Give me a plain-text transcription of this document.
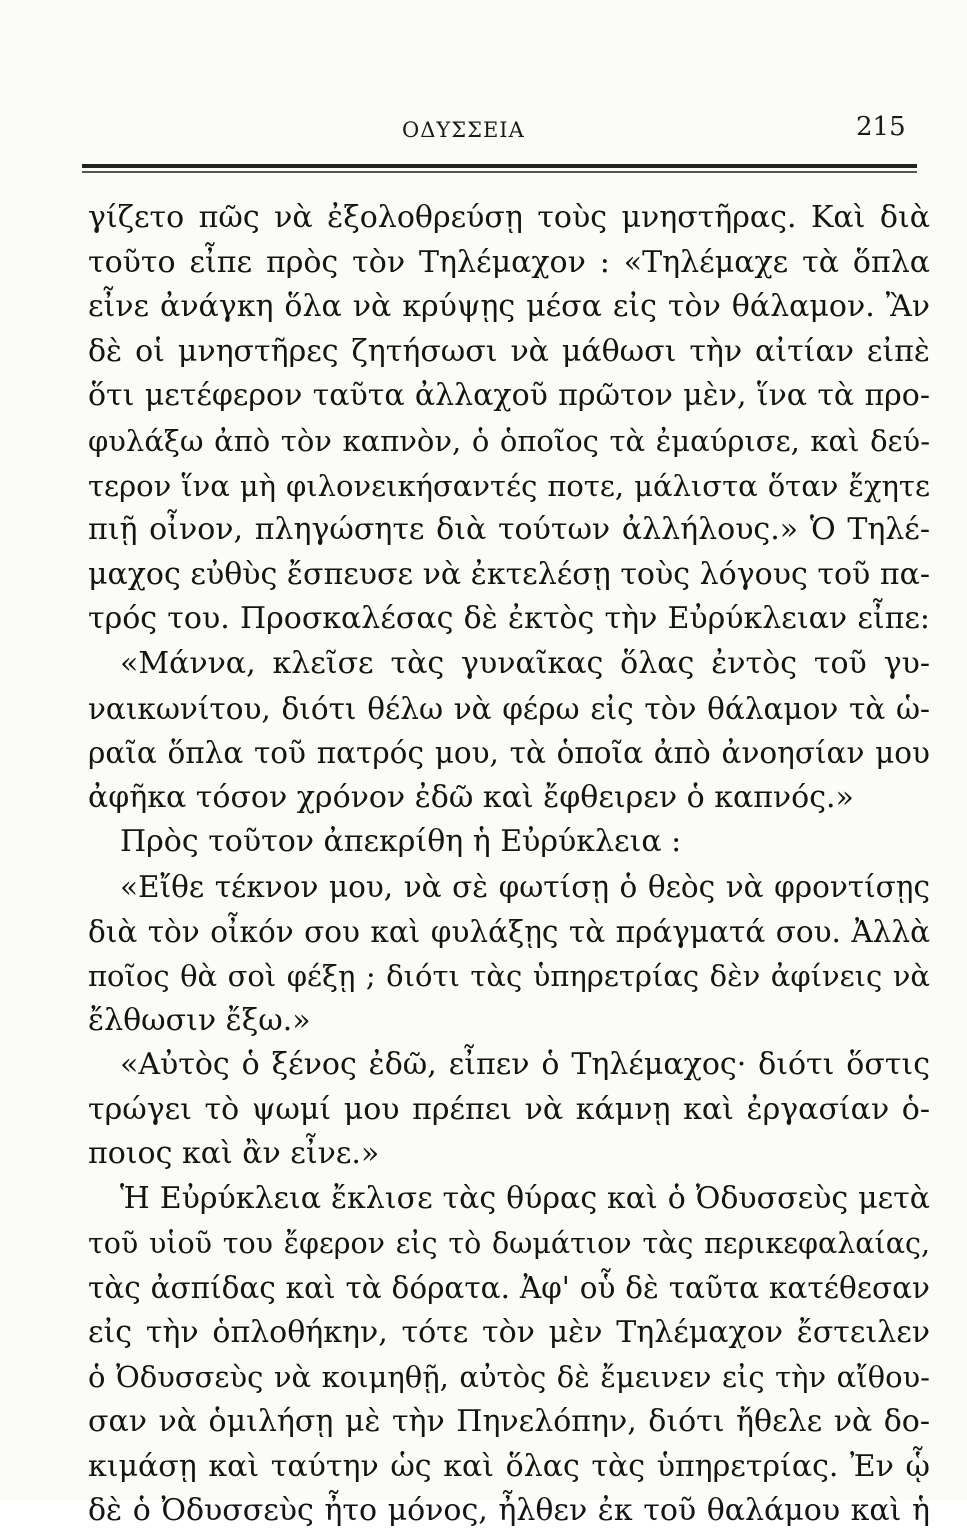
ΟΔΥΣΣΕΙΑ	215
γίζετο πῶς νὰ ἐξολοθρεύσῃ τοὺς μνηστῆρας. Καὶ διὰ
τοῦτο εἶπε πρὸς τὸν Τηλέμαχον : «Τηλέμαχε τὰ ὅπλα
εἶνε ἀνάγκη ὅλα νὰ κρύψῃς μέσα εἰς τὸν θάλαμον. Ἂν
δὲ οἱ μνηστῆρες ζητήσωσι νὰ μάθωσι τὴν αἰτίαν εἰπὲ
ὅτι μετέφερον ταῦτα ἀλλαχοῦ πρῶτον μὲν, ἵνα τὰ προ-
φυλάξω ἀπὸ τὸν καπνὸν, ὁ ὁποῖος τὰ ἐμαύρισε, καὶ δεύ-
τερον ἵνα μὴ φιλονεικήσαντές ποτε, μάλιστα ὅταν ἔχητε
πιῇ οἶνον, πληγώσητε διὰ τούτων ἀλλήλους.» Ὁ Τηλέ-
μαχος εὐθὺς ἔσπευσε νὰ ἐκτελέσῃ τοὺς λόγους τοῦ πα-
τρός του. Προσκαλέσας δὲ ἐκτὸς τὴν Εὐρύκλειαν εἶπε:
«Μάννα, κλεῖσε τὰς γυναῖκας ὅλας ἐντὸς τοῦ γυ-
ναικωνίτου, διότι θέλω νὰ φέρω εἰς τὸν θάλαμον τὰ ὡ-
ραῖα ὅπλα τοῦ πατρός μου, τὰ ὁποῖα ἀπὸ ἀνοησίαν μου
ἀφῆκα τόσον χρόνον ἐδῶ καὶ ἔφθειρεν ὁ καπνός.»
Πρὸς τοῦτον ἀπεκρίθη ἡ Εὐρύκλεια :
«Εἴθε τέκνον μου, νὰ σὲ φωτίσῃ ὁ θεὸς νὰ φροντίσῃς
διὰ τὸν οἶκόν σου καὶ φυλάξῃς τὰ πράγματά σου. Ἀλλὰ
ποῖος θὰ σοὶ φέξῃ ; διότι τὰς ὑπηρετρίας δὲν ἀφίνεις νὰ
ἔλθωσιν ἔξω.»
«Αὐτὸς ὁ ξένος ἐδῶ, εἶπεν ὁ Τηλέμαχος· διότι ὅστις
τρώγει τὸ ψωμί μου πρέπει νὰ κάμνῃ καὶ ἐργασίαν ὁ-
ποιος καὶ ἂν εἶνε.»
Ἡ Εὐρύκλεια ἔκλισε τὰς θύρας καὶ ὁ Ὀδυσσεὺς μετὰ
τοῦ υἱοῦ του ἔφερον εἰς τὸ δωμάτιον τὰς περικεφαλαίας,
τὰς ἀσπίδας καὶ τὰ δόρατα. Ἀφ' οὗ δὲ ταῦτα κατέθεσαν
εἰς τὴν ὁπλοθήκην, τότε τὸν μὲν Τηλέμαχον ἔστειλεν
ὁ Ὀδυσσεὺς νὰ κοιμηθῇ, αὐτὸς δὲ ἔμεινεν εἰς τὴν αἴθου-
σαν νὰ ὁμιλήσῃ μὲ τὴν Πηνελόπην, διότι ἤθελε νὰ δο-
κιμάσῃ καὶ ταύτην ὡς καὶ ὅλας τὰς ὑπηρετρίας. Ἐν ᾧ
δὲ ὁ Ὀδυσσεὺς ἦτο μόνος, ἦλθεν ἐκ τοῦ θαλάμου καὶ ἡ
